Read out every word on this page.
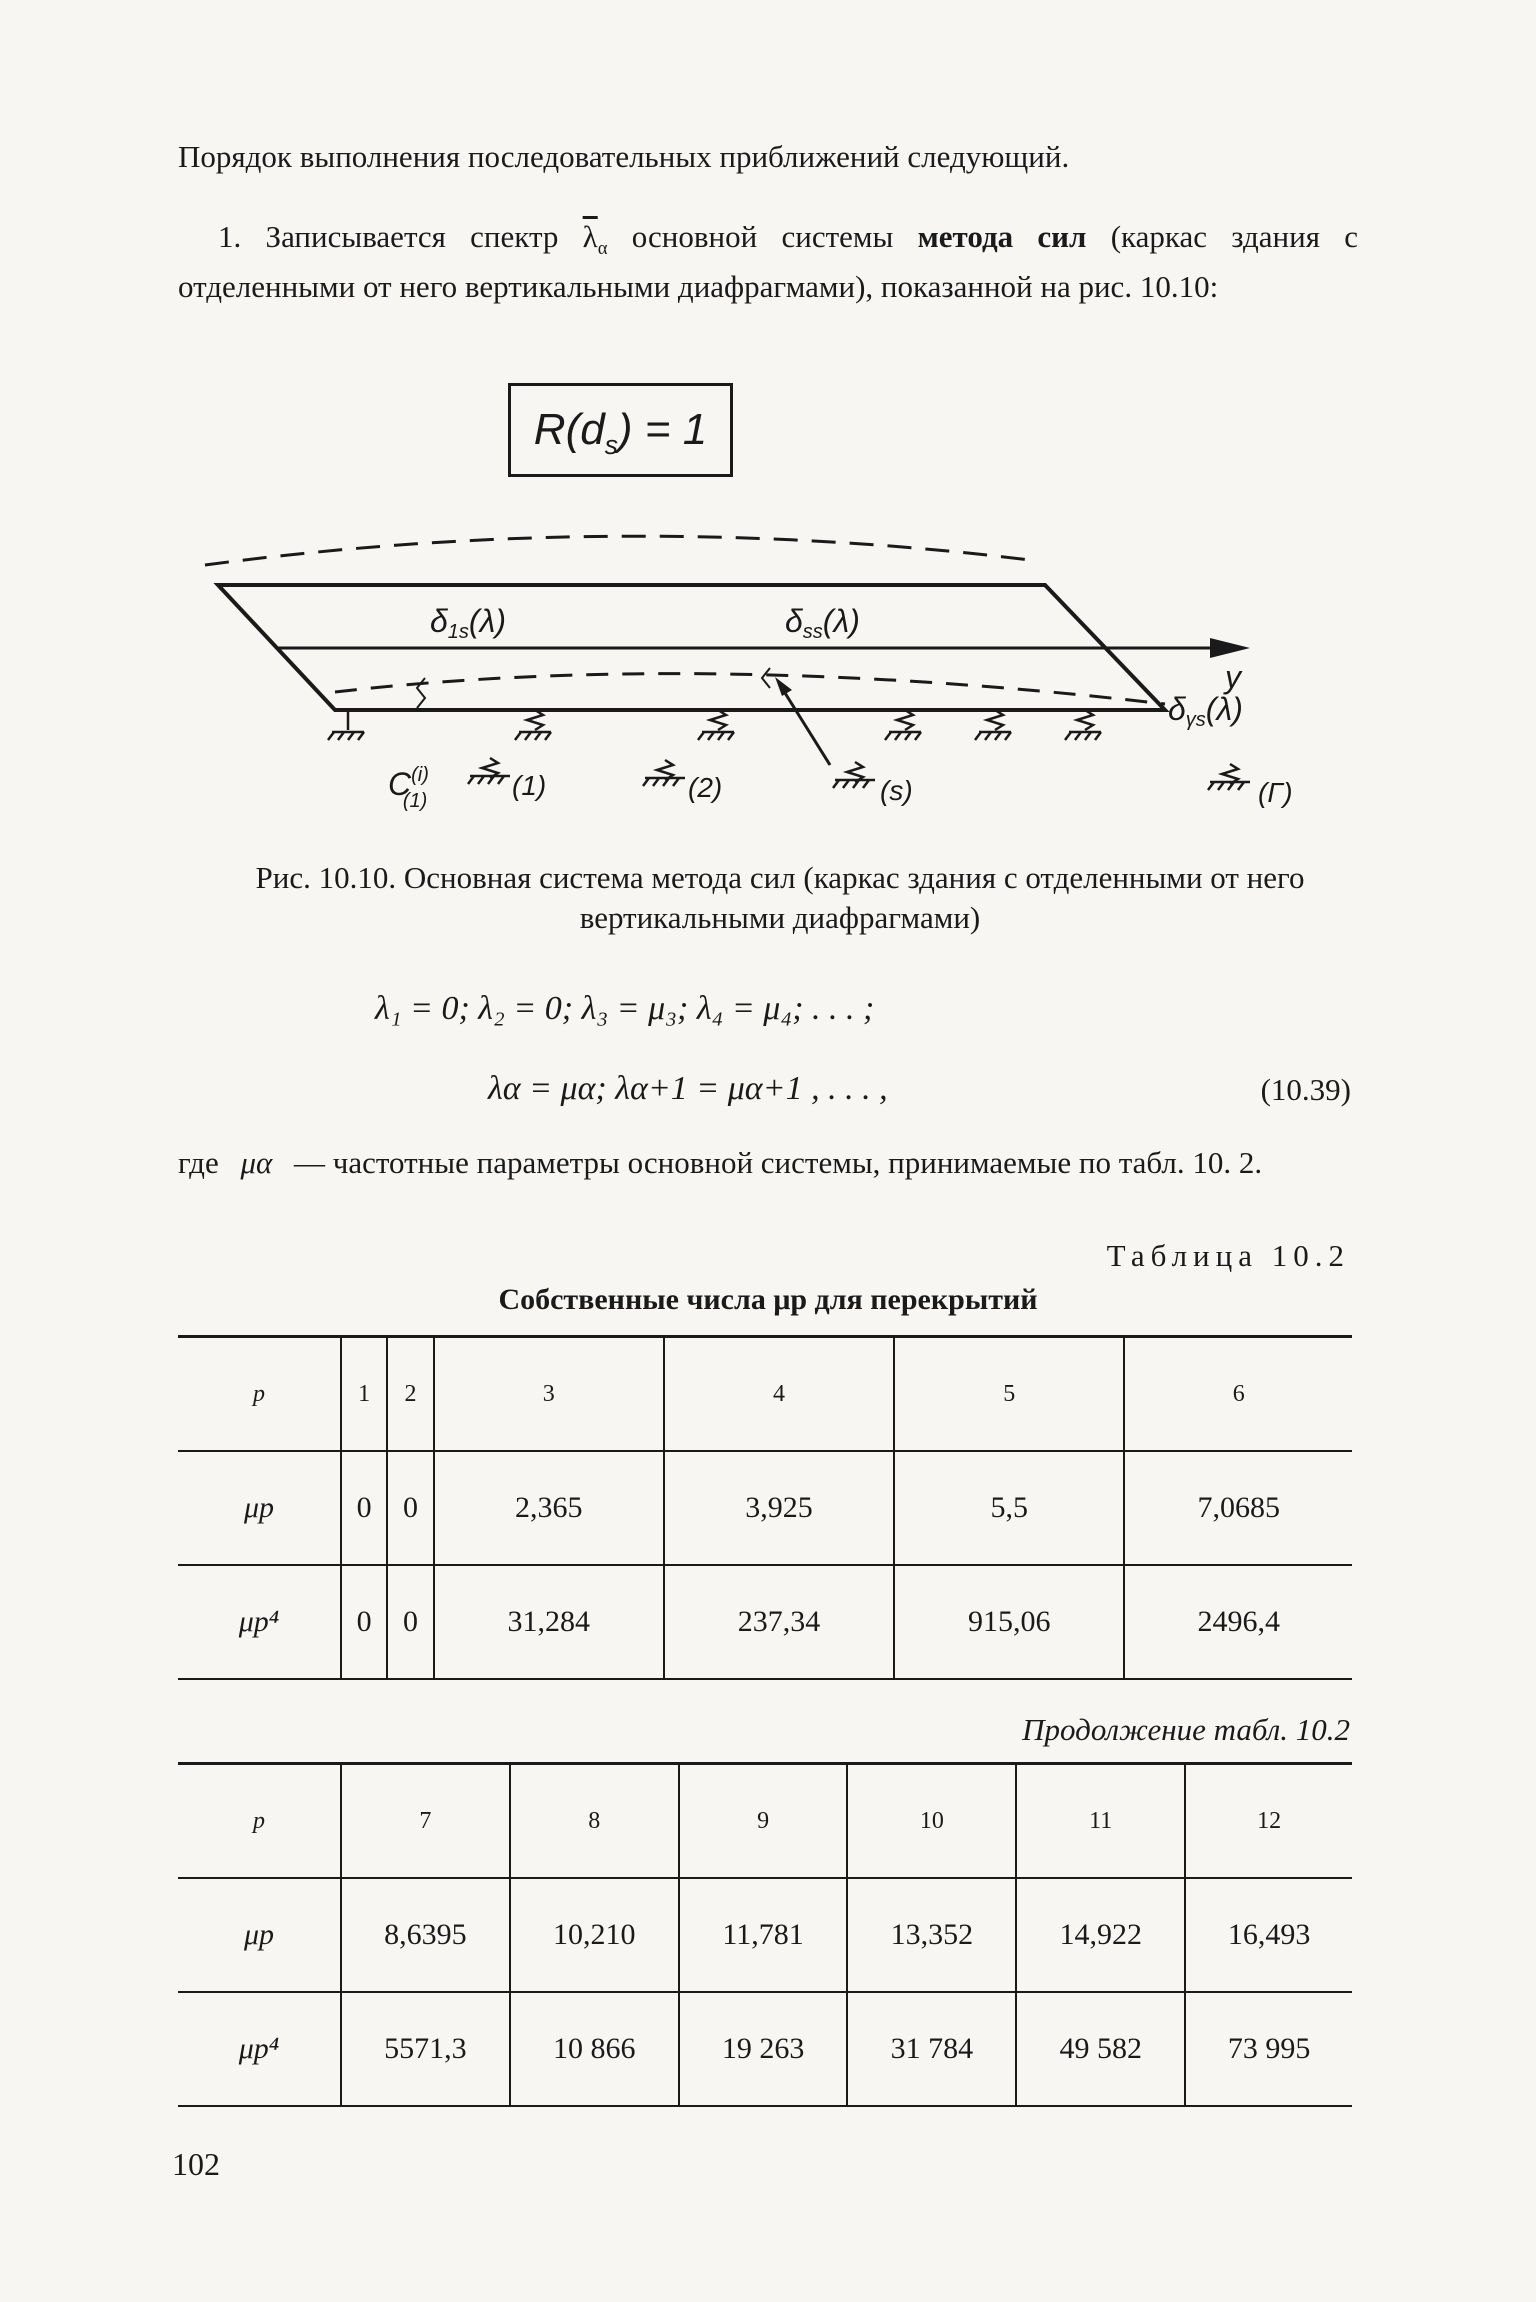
Порядок выполнения последовательных приближений следующий.
1. Записывается спектр $\overline{\lambda}_\alpha$ основной системы метода сил (каркас здания с отделенными от него вертикальными диафрагмами), показанной на рис. 10.10:
$R(d_s) = 1$
δ1s(λ)	δss(λ)
δγs(λ)
y
$C^{(i)}$ (1)	(1)	(2)	(s)	(Γ)
Рис. 10.10. Основная система метода сил (каркас здания с отделенными от него вертикальными диафрагмами)
λ₁ = 0; λ₂ = 0; λ₃ = μ₃; λ₄ = μ₄; . . . ;
λα = μα; λα+1 = μα+1 , . . . ,	(10.39)
где μα — частотные параметры основной системы, принимаемые по табл. 10. 2.
Таблица 10.2
Собственные числа μp для перекрытий
p	1	2	3	4	5	6
μp	0	0	2,365	3,925	5,5	7,0685
μp⁴	0	0	31,284	237,34	915,06	2496,4
Продолжение табл. 10.2
p	7	8	9	10	11	12
μp	8,6395	10,210	11,781	13,352	14,922	16,493
μp⁴	5571,3	10 866	19 263	31 784	49 582	73 995
102
